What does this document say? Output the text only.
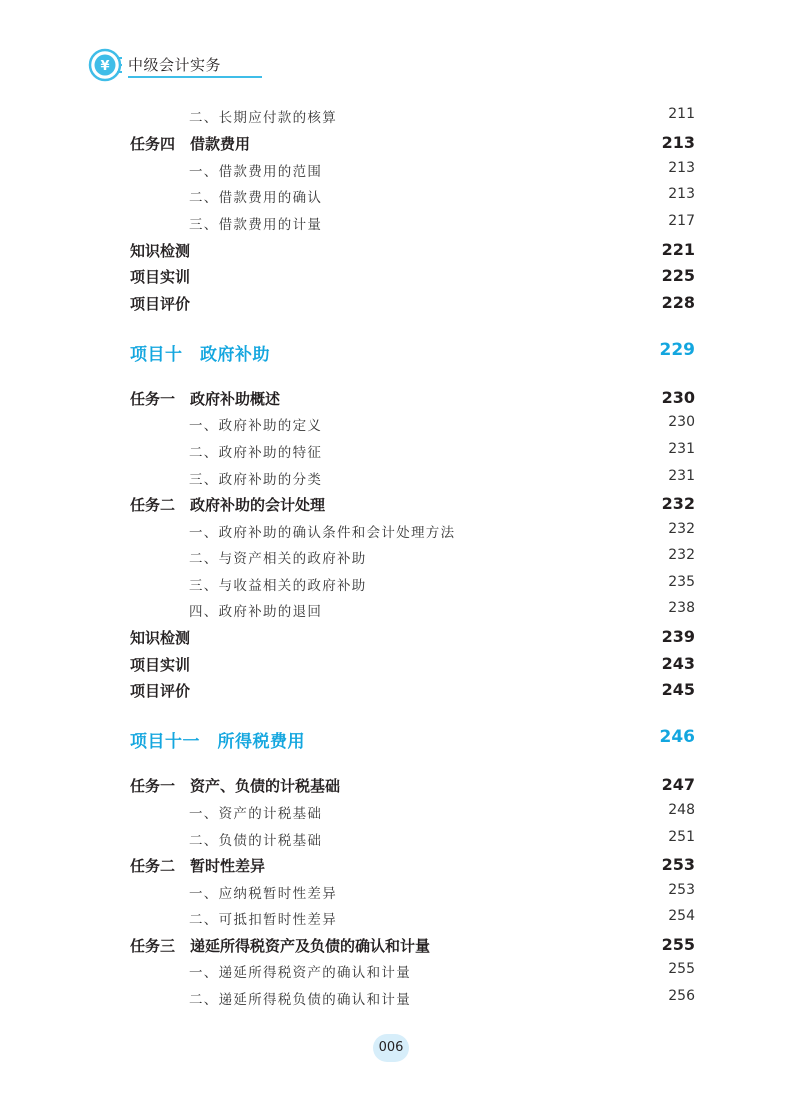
¥ 中级会计实务
二、长期应付款的核算	211
任务四　借款费用	213
一、借款费用的范围	213
二、借款费用的确认	213
三、借款费用的计量	217
知识检测	221
项目实训	225
项目评价	228
项目十　政府补助	229
任务一　政府补助概述	230
一、政府补助的定义	230
二、政府补助的特征	231
三、政府补助的分类	231
任务二　政府补助的会计处理	232
一、政府补助的确认条件和会计处理方法	232
二、与资产相关的政府补助	232
三、与收益相关的政府补助	235
四、政府补助的退回	238
知识检测	239
项目实训	243
项目评价	245
项目十一　所得税费用	246
任务一　资产、负债的计税基础	247
一、资产的计税基础	248
二、负债的计税基础	251
任务二　暂时性差异	253
一、应纳税暂时性差异	253
二、可抵扣暂时性差异	254
任务三　递延所得税资产及负债的确认和计量	255
一、递延所得税资产的确认和计量	255
二、递延所得税负债的确认和计量	256
006
